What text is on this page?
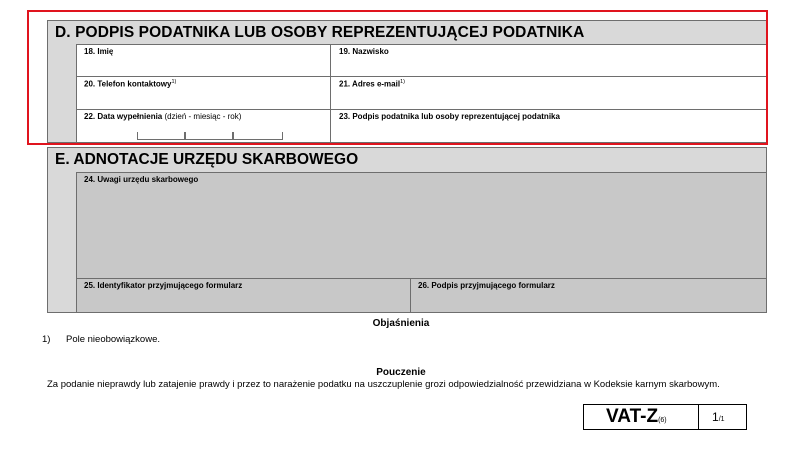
D. PODPIS PODATNIKA LUB OSOBY REPREZENTUJĄCEJ PODATNIKA
18. Imię	19. Nazwisko
20. Telefon kontaktowy$^{1)}$	21. Adres e-mail$^{1)}$
22. Data wypełnienia (dzień - miesiąc - rok)	23. Podpis podatnika lub osoby reprezentującej podatnika
E. ADNOTACJE URZĘDU SKARBOWEGO
24. Uwagi urzędu skarbowego
25. Identyfikator przyjmującego formularz	26. Podpis przyjmującego formularz
Objaśnienia
1) Pole nieobowiązkowe.
Pouczenie
Za podanie nieprawdy lub zatajenie prawdy i przez to narażenie podatku na uszczuplenie grozi odpowiedzialność przewidziana w Kodeksie karnym skarbowym.
VAT-Z(6)	1/1
